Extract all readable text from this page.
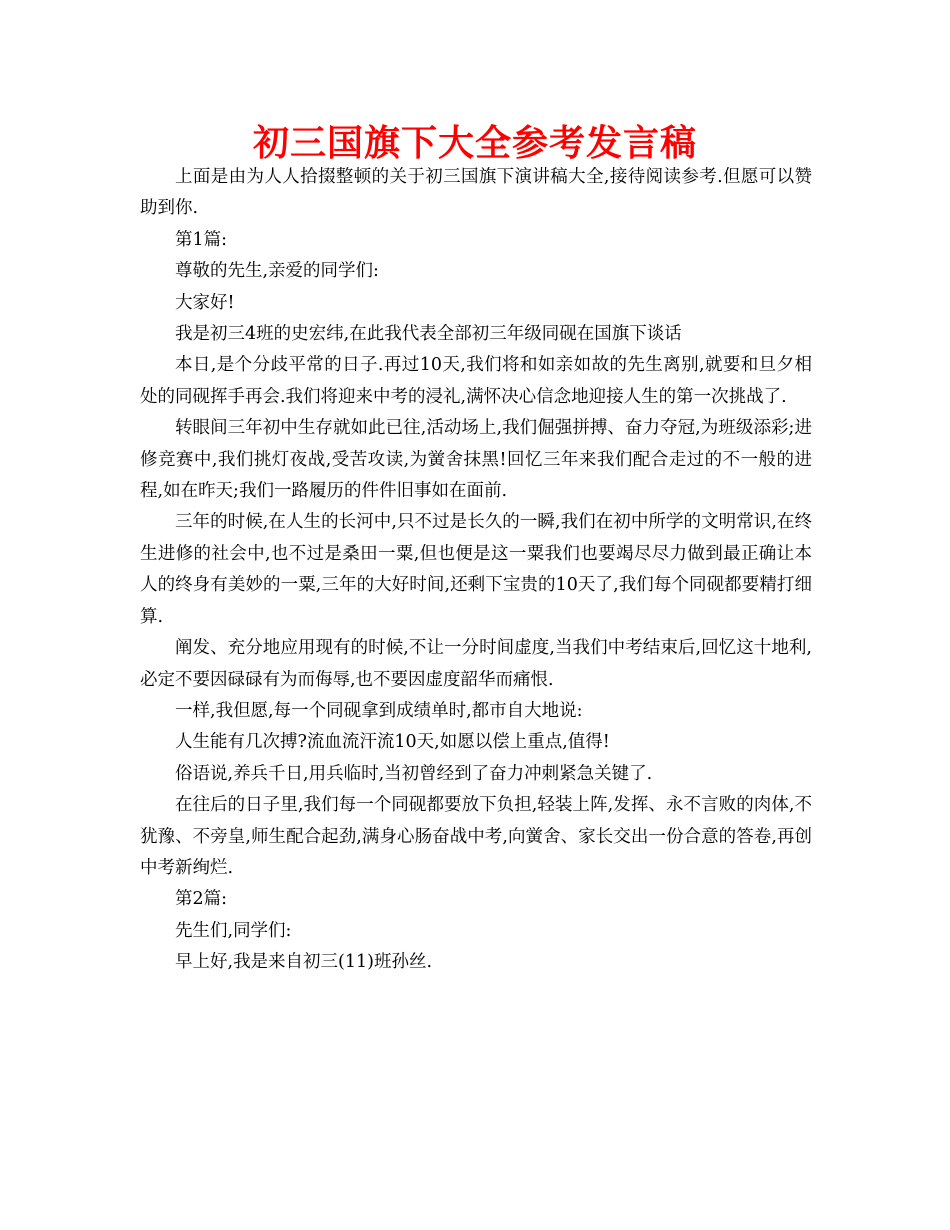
初三国旗下大全参考发言稿

上面是由为人人拾掇整顿的关于初三国旗下演讲稿大全,接待阅读参考.但愿可以赞助到你.

第1篇:

尊敬的先生,亲爱的同学们:

大家好!

我是初三4班的史宏纬,在此我代表全部初三年级同砚在国旗下谈话

本日,是个分歧平常的日子.再过10天,我们将和如亲如故的先生离别,就要和旦夕相处的同砚挥手再会.我们将迎来中考的浸礼,满怀决心信念地迎接人生的第一次挑战了.

转眼间三年初中生存就如此已往,活动场上,我们倔强拼搏、奋力夺冠,为班级添彩;进修竞赛中,我们挑灯夜战,受苦攻读,为黉舍抹黑!回忆三年来我们配合走过的不一般的进程,如在昨天;我们一路履历的件件旧事如在面前.

三年的时候,在人生的长河中,只不过是长久的一瞬,我们在初中所学的文明常识,在终生进修的社会中,也不过是桑田一粟,但也便是这一粟我们也要竭尽尽力做到最正确让本人的终身有美妙的一粟,三年的大好时间,还剩下宝贵的10天了,我们每个同砚都要精打细算.

阐发、充分地应用现有的时候,不让一分时间虚度,当我们中考结束后,回忆这十地利,必定不要因碌碌有为而侮辱,也不要因虚度韶华而痛恨.

一样,我但愿,每一个同砚拿到成绩单时,都市自大地说:

人生能有几次搏?流血流汗流10天,如愿以偿上重点,值得!

俗语说,养兵千日,用兵临时,当初曾经到了奋力冲刺紧急关键了.

在往后的日子里,我们每一个同砚都要放下负担,轻装上阵,发挥、永不言败的肉体,不犹豫、不旁皇,师生配合起劲,满身心肠奋战中考,向黉舍、家长交出一份合意的答卷,再创中考新绚烂.

第2篇:

先生们,同学们:

早上好,我是来自初三(11)班孙丝.
